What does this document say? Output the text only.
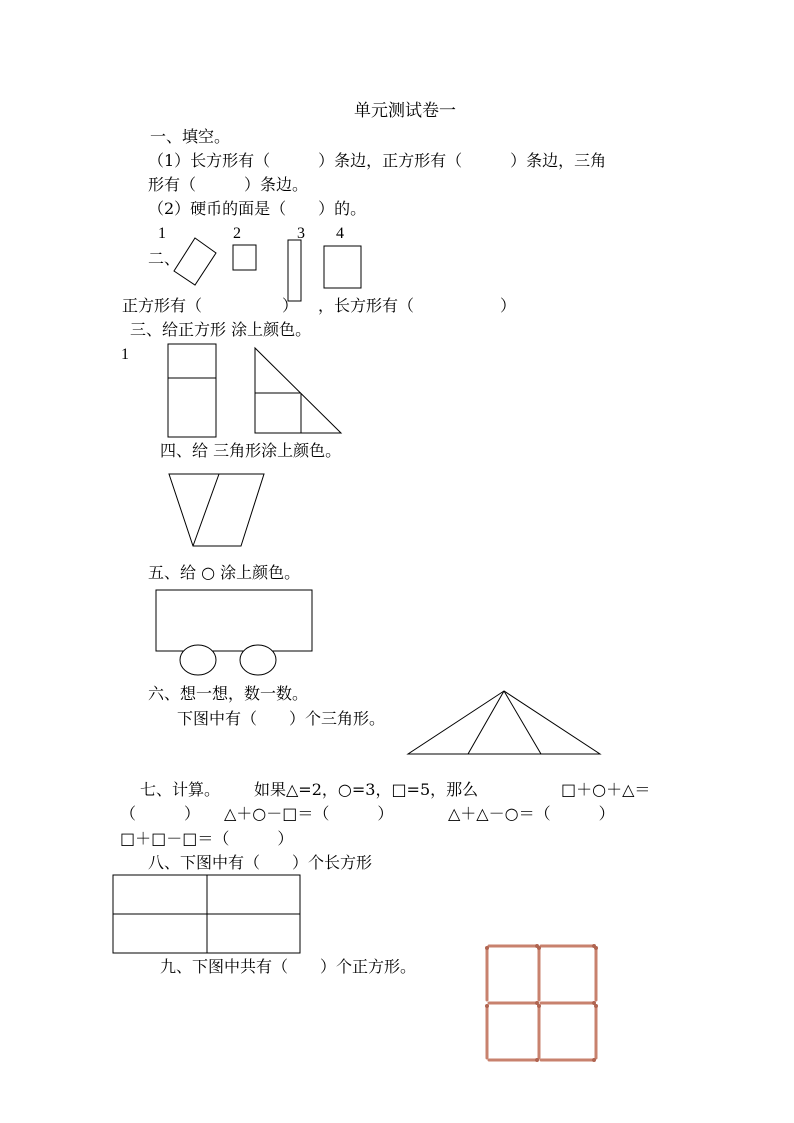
单元测试卷一
一、填空。
（1）长方形有（　　　）条边，正方形有（　　　）条边，三角
形有（　　　）条边。
（2）硬币的面是（　　）的。
1	2	3 4
二、
正方形有（	） ，长方形有（	）
三、给正方形 涂上颜色。
1
四、给 三角形涂上颜色。
五、给 ○ 涂上颜色。
六、想一想，数一数。
下图中有（　　）个三角形。
七、计算。 如果△=2，○=3，□=5，那么	□＋○＋△＝
（　　　） △＋○－□＝（　　　）	△＋△－○＝（　　　）
□＋□－□＝（　　　）
八、下图中有（　　）个长方形
九、下图中共有（　　）个正方形。
